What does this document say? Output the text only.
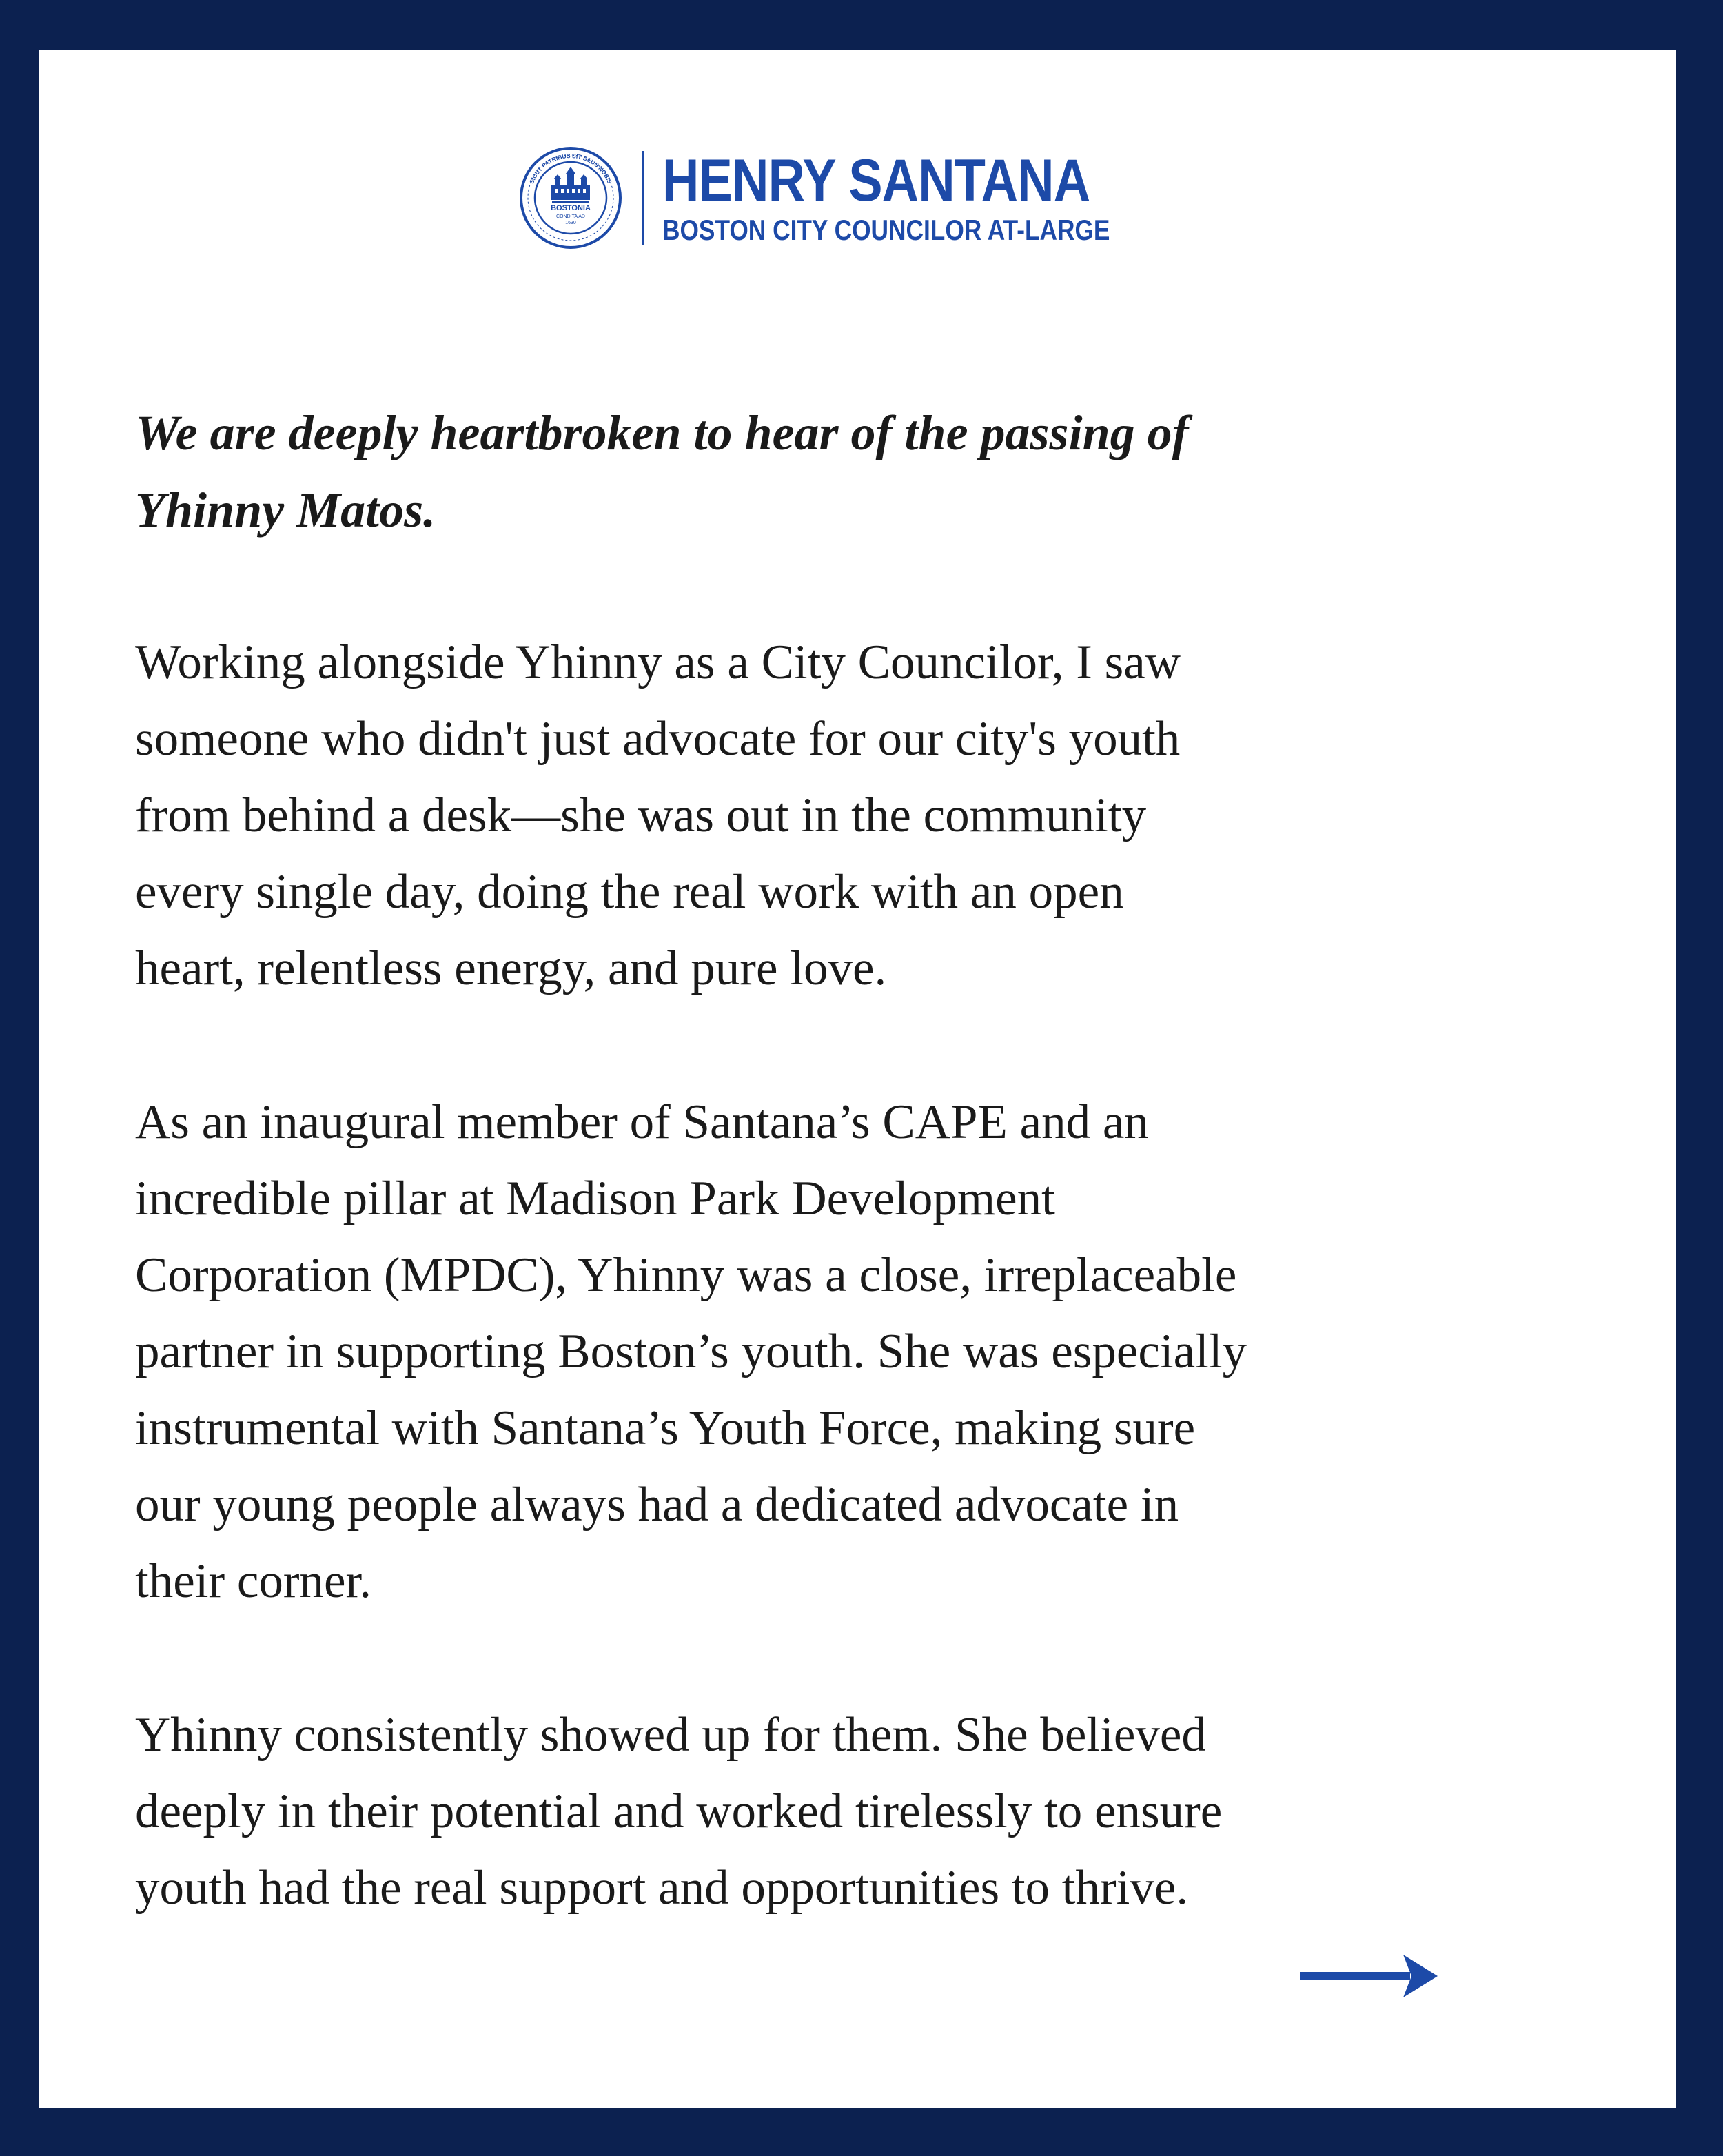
BOSTONIA
CONDITA AD
1630
SICUT PATRIBUS SIT DEUS NOBIS HENRY SANTANA
BOSTON CITY COUNCILOR AT-LARGE

We are deeply heartbroken to hear of the passing of
Yhinny Matos.

Working alongside Yhinny as a City Councilor, I saw
someone who didn't just advocate for our city's youth
from behind a desk—she was out in the community
every single day, doing the real work with an open
heart, relentless energy, and pure love.

As an inaugural member of Santana’s CAPE and an
incredible pillar at Madison Park Development
Corporation (MPDC), Yhinny was a close, irreplaceable
partner in supporting Boston’s youth. She was especially
instrumental with Santana’s Youth Force, making sure
our young people always had a dedicated advocate in
their corner.

Yhinny consistently showed up for them. She believed
deeply in their potential and worked tirelessly to ensure
youth had the real support and opportunities to thrive.
